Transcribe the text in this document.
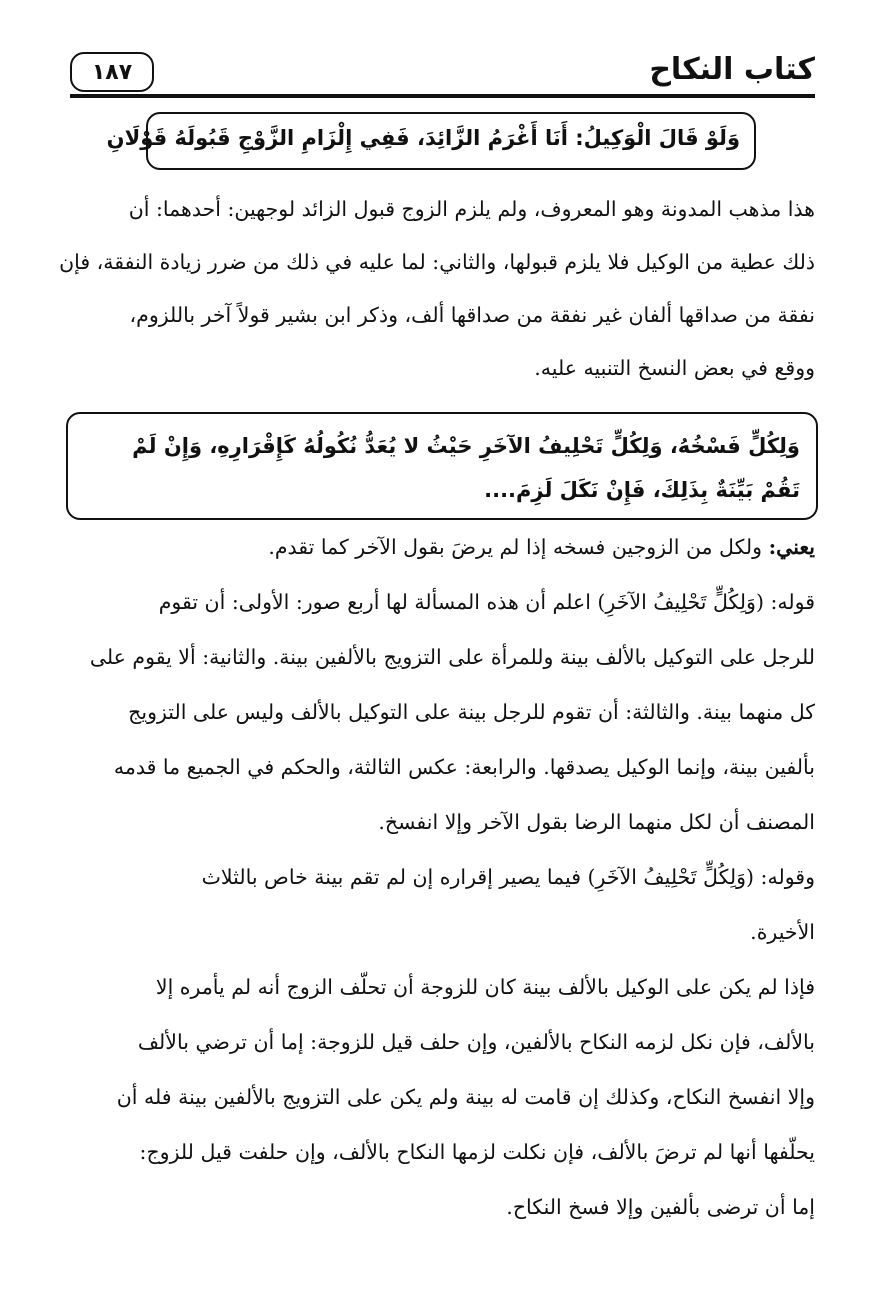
كتاب النكاح
١٨٧
وَلَوْ قَالَ الْوَكِيلُ: أَنَا أَغْرَمُ الزَّائِدَ، فَفِي إِلْزَامِ الزَّوْجِ قَبُولَهُ قَوْلَانِ
هذا مذهب المدونة وهو المعروف، ولم يلزم الزوج قبول الزائد لوجهين: أحدهما: أن
ذلك عطية من الوكيل فلا يلزم قبولها، والثاني: لما عليه في ذلك من ضرر زيادة النفقة، فإن
نفقة من صداقها ألفان غير نفقة من صداقها ألف، وذكر ابن بشير قولاً آخر باللزوم،
ووقع في بعض النسخ التنبيه عليه.
وَلِكُلٍّ فَسْخُهُ، وَلِكُلٍّ تَحْلِيفُ الآخَرِ حَيْثُ لا يُعَدُّ نُكُولُهُ كَإِقْرَارِهِ، وَإِنْ لَمْ
تَقُمْ بَيِّنَةٌ بِذَلِكَ، فَإِنْ نَكَلَ لَزِمَ....
يعني: ولكل من الزوجين فسخه إذا لم يرضَ بقول الآخر كما تقدم.
قوله: (وَلِكُلٍّ تَحْلِيفُ الآخَرِ) اعلم أن هذه المسألة لها أربع صور: الأولى: أن تقوم
للرجل على التوكيل بالألف بينة وللمرأة على التزويج بالألفين بينة. والثانية: ألا يقوم على
كل منهما بينة. والثالثة: أن تقوم للرجل بينة على التوكيل بالألف وليس على التزويج
بألفين بينة، وإنما الوكيل يصدقها. والرابعة: عكس الثالثة، والحكم في الجميع ما قدمه
المصنف أن لكل منهما الرضا بقول الآخر وإلا انفسخ.
وقوله: (وَلِكُلٍّ تَحْلِيفُ الآخَرِ) فيما يصير إقراره إن لم تقم بينة خاص بالثلاث
الأخيرة.
فإذا لم يكن على الوكيل بالألف بينة كان للزوجة أن تحلّف الزوج أنه لم يأمره إلا
بالألف، فإن نكل لزمه النكاح بالألفين، وإن حلف قيل للزوجة: إما أن ترضي بالألف
وإلا انفسخ النكاح، وكذلك إن قامت له بينة ولم يكن على التزويج بالألفين بينة فله أن
يحلّفها أنها لم ترضَ بالألف، فإن نكلت لزمها النكاح بالألف، وإن حلفت قيل للزوج:
إما أن ترضى بألفين وإلا فسخ النكاح.
